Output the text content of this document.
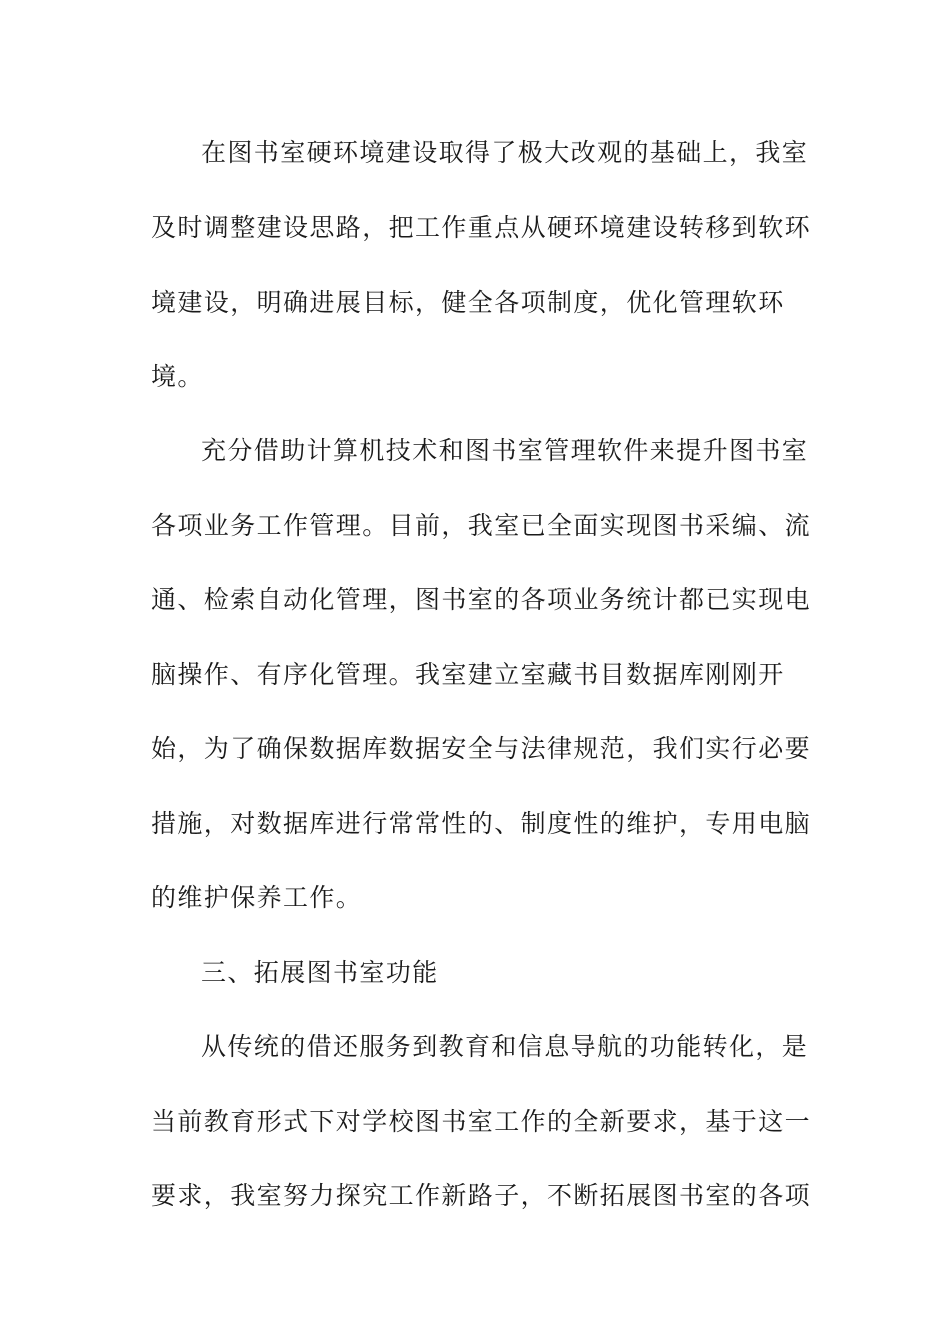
在图书室硬环境建设取得了极大改观的基础上，我室
及时调整建设思路，把工作重点从硬环境建设转移到软环
境建设，明确进展目标，健全各项制度，优化管理软环
境。
充分借助计算机技术和图书室管理软件来提升图书室
各项业务工作管理。目前，我室已全面实现图书采编、流
通、检索自动化管理，图书室的各项业务统计都已实现电
脑操作、有序化管理。我室建立室藏书目数据库刚刚开
始，为了确保数据库数据安全与法律规范，我们实行必要
措施，对数据库进行常常性的、制度性的维护，专用电脑
的维护保养工作。
三、拓展图书室功能
从传统的借还服务到教育和信息导航的功能转化，是
当前教育形式下对学校图书室工作的全新要求，基于这一
要求，我室努力探究工作新路子，不断拓展图书室的各项
